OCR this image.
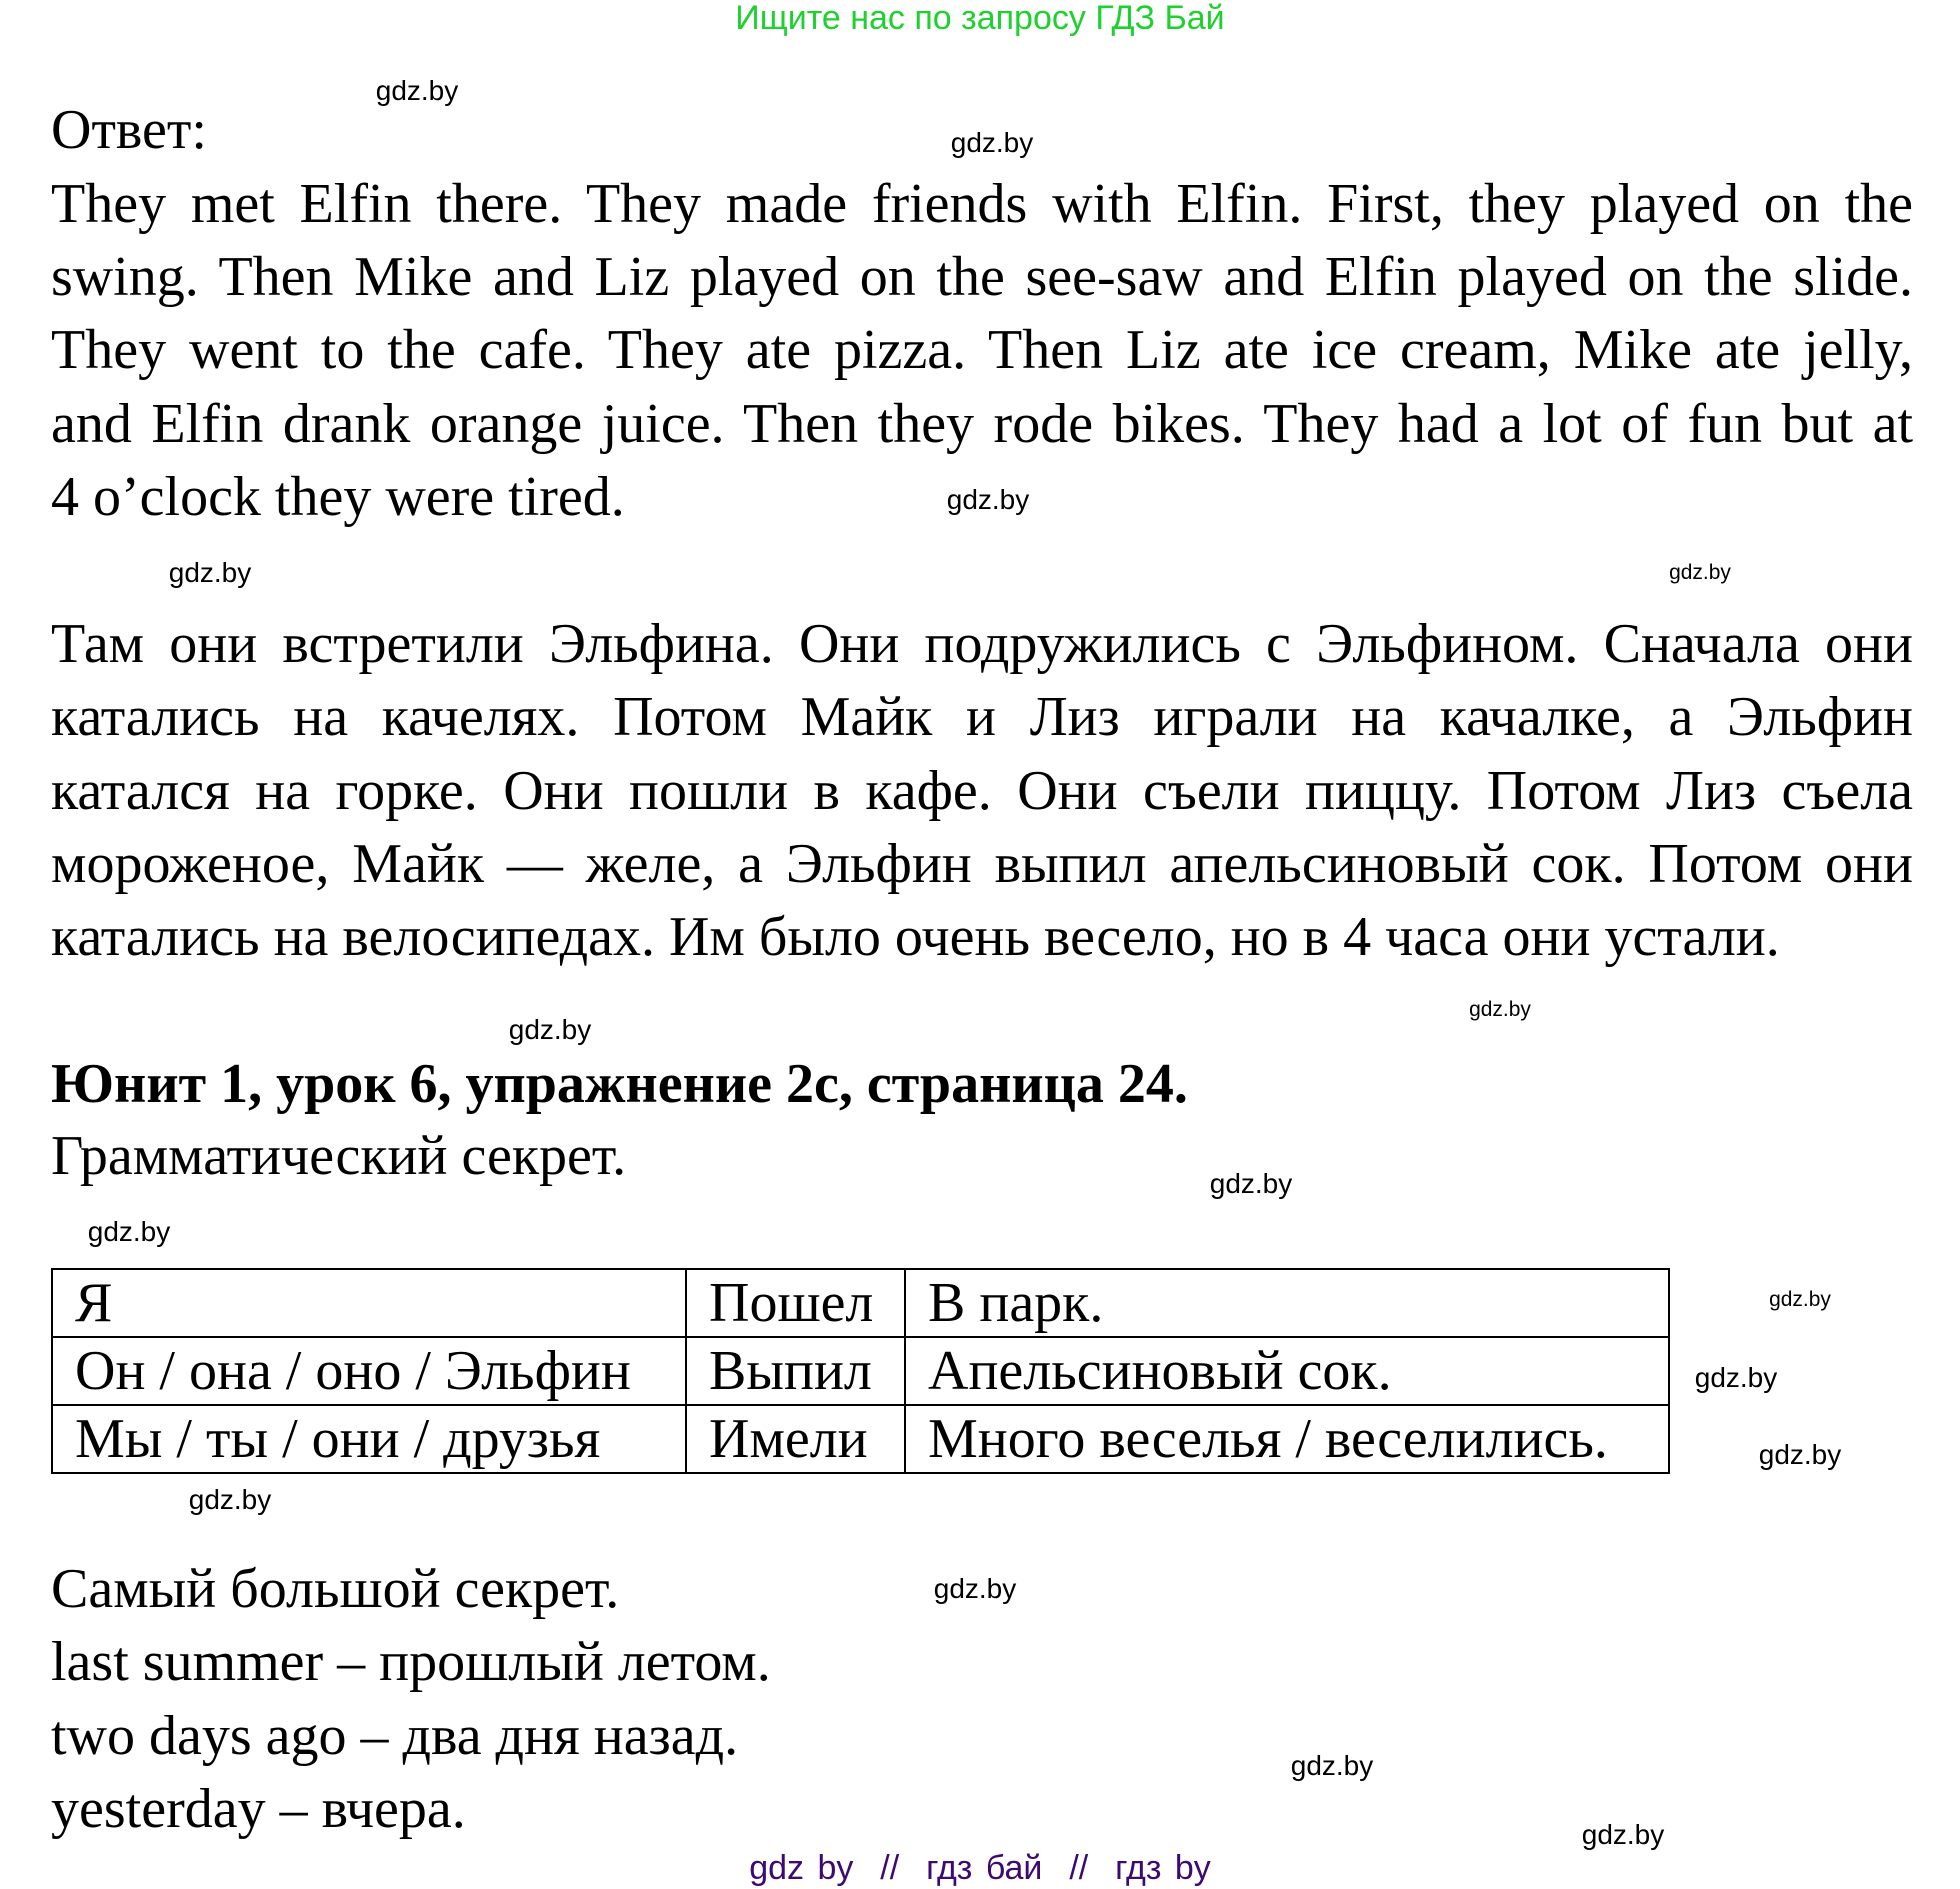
Ищите нас по запросу ГДЗ Бай
Ответ:
They met Elfin there. They made friends with Elfin. First, they played on the
swing. Then Mike and Liz played on the see-saw and Elfin played on the slide.
They went to the cafe. They ate pizza. Then Liz ate ice cream, Mike ate jelly,
and Elfin drank orange juice. Then they rode bikes. They had a lot of fun but at
4 o’clock they were tired.
Там они встретили Эльфина. Они подружились с Эльфином. Сначала они
катались на качелях. Потом Майк и Лиз играли на качалке, а Эльфин
катался на горке. Они пошли в кафе. Они съели пиццу. Потом Лиз съела
мороженое, Майк — желе, а Эльфин выпил апельсиновый сок. Потом они
катались на велосипедах. Им было очень весело, но в 4 часа они устали.
Юнит 1, урок 6, упражнение 2c, страница 24.
Грамматический секрет.
Я	Пошел	В парк.
Он / она / оно / Эльфин	Выпил	Апельсиновый сок.
Мы / ты / они / друзья	Имели	Много веселья / веселились.
Самый большой секрет.
last summer – прошлый летом.
two days ago – два дня назад.
yesterday – вчера.
gdz.by
gdz.by
gdz.by
gdz.by
gdz.by
gdz.by
gdz.by
gdz.by
gdz.by
gdz.by
gdz.by
gdz.by
gdz.by
gdz.by
gdz.by
gdz.by
gdz by  //  гдз бай  //  гдз by
